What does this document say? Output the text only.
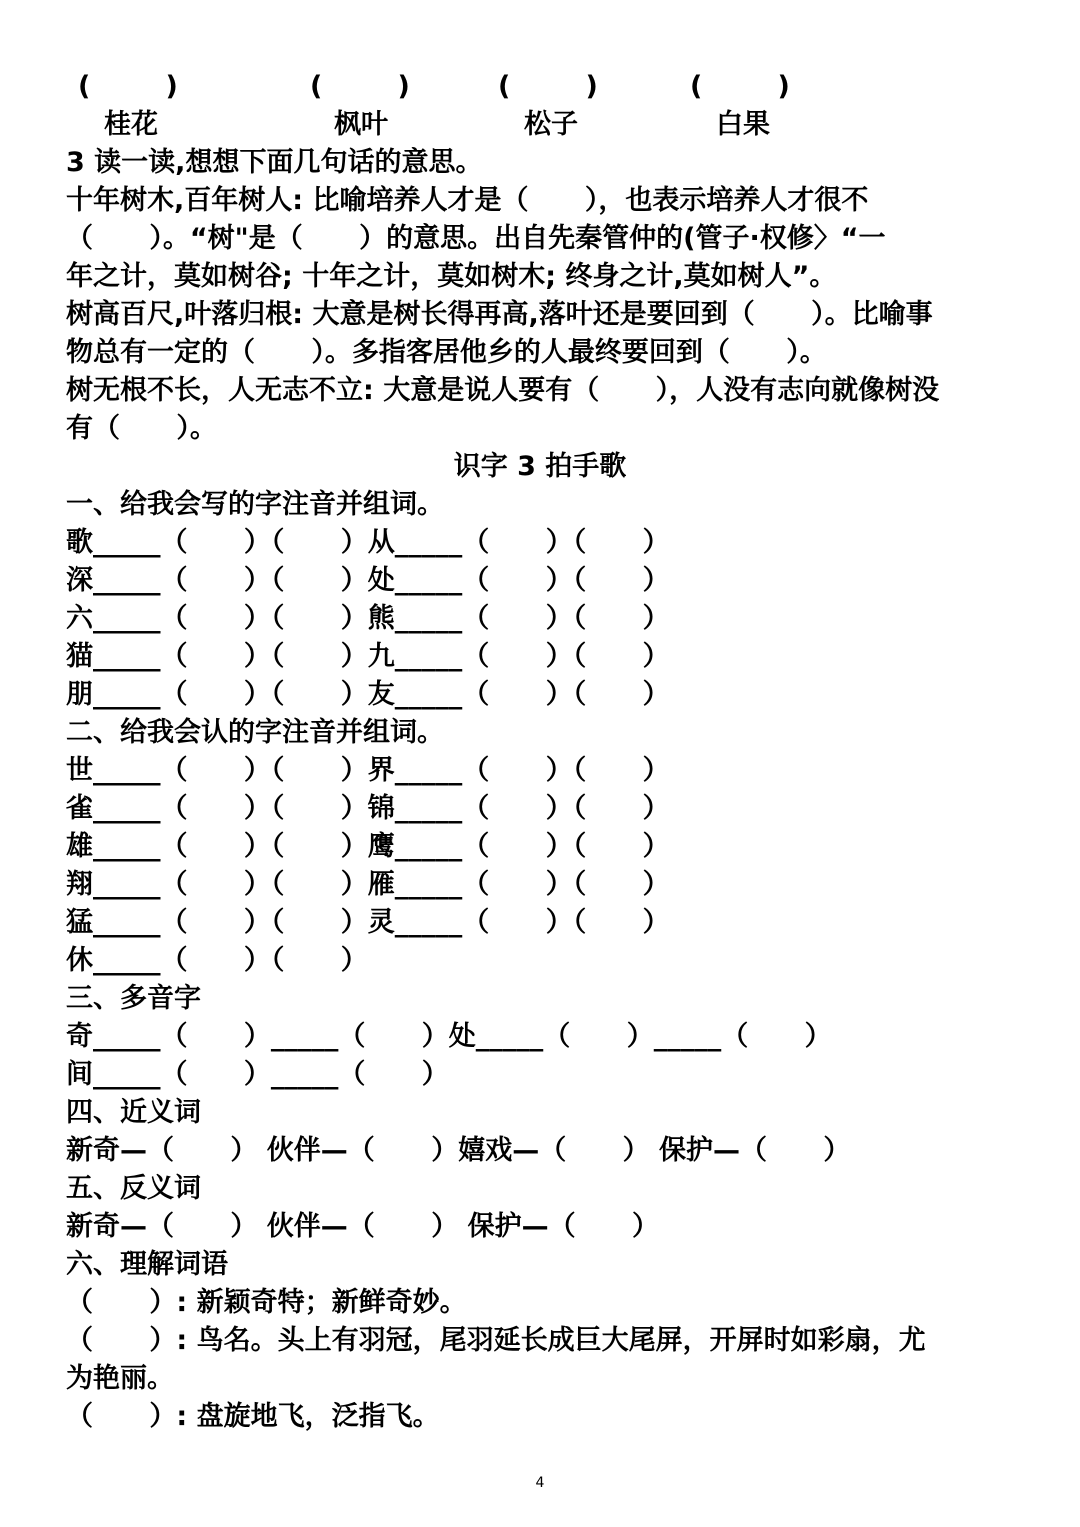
(        )	(        )	(        )	(        )
桂花	枫叶	松子	白果
3 读一读,想想下面几句话的意思。
十年树木,百年树人: 比喻培养人才是（      ），也表示培养人才很不
（      ）。“树"是（      ）的意思。出自先秦管仲的(管子·权修〉“一
年之计，莫如树谷; 十年之计，莫如树木; 终身之计,莫如树人”。
树高百尺,叶落归根: 大意是树长得再高,落叶还是要回到（      ）。比喻事
物总有一定的（      ）。多指客居他乡的人最终要回到（      ）。
树无根不长，人无志不立: 大意是说人要有（      ），人没有志向就像树没
有（      ）。
识字 3 拍手歌
一、给我会写的字注音并组词。
歌_____（      ）（      ）从_____（      ）（      ）
深_____（      ）（      ）处_____（      ）（      ）
六_____（      ）（      ）熊_____（      ）（      ）
猫_____（      ）（      ）九_____（      ）（      ）
朋_____（      ）（      ）友_____（      ）（      ）
二、给我会认的字注音并组词。
世_____（      ）（      ）界_____（      ）（      ）
雀_____（      ）（      ）锦_____（      ）（      ）
雄_____（      ）（      ）鹰_____（      ）（      ）
翔_____（      ）（      ）雁_____（      ）（      ）
猛_____（      ）（      ）灵_____（      ）（      ）
休_____（      ）（      ）
三、多音字
奇_____（      ）_____（      ）处_____（      ）_____（      ）
间_____（      ）_____（      ）
四、近义词
新奇—（      ） 伙伴—（      ）嬉戏—（      ） 保护—（      ）
五、反义词
新奇—（      ） 伙伴—（      ） 保护—（      ）
六、理解词语
（      ）: 新颖奇特；新鲜奇妙。
（      ）: 鸟名。头上有羽冠，尾羽延长成巨大尾屏，开屏时如彩扇，尤
为艳丽。
（      ）: 盘旋地飞，泛指飞。
4
